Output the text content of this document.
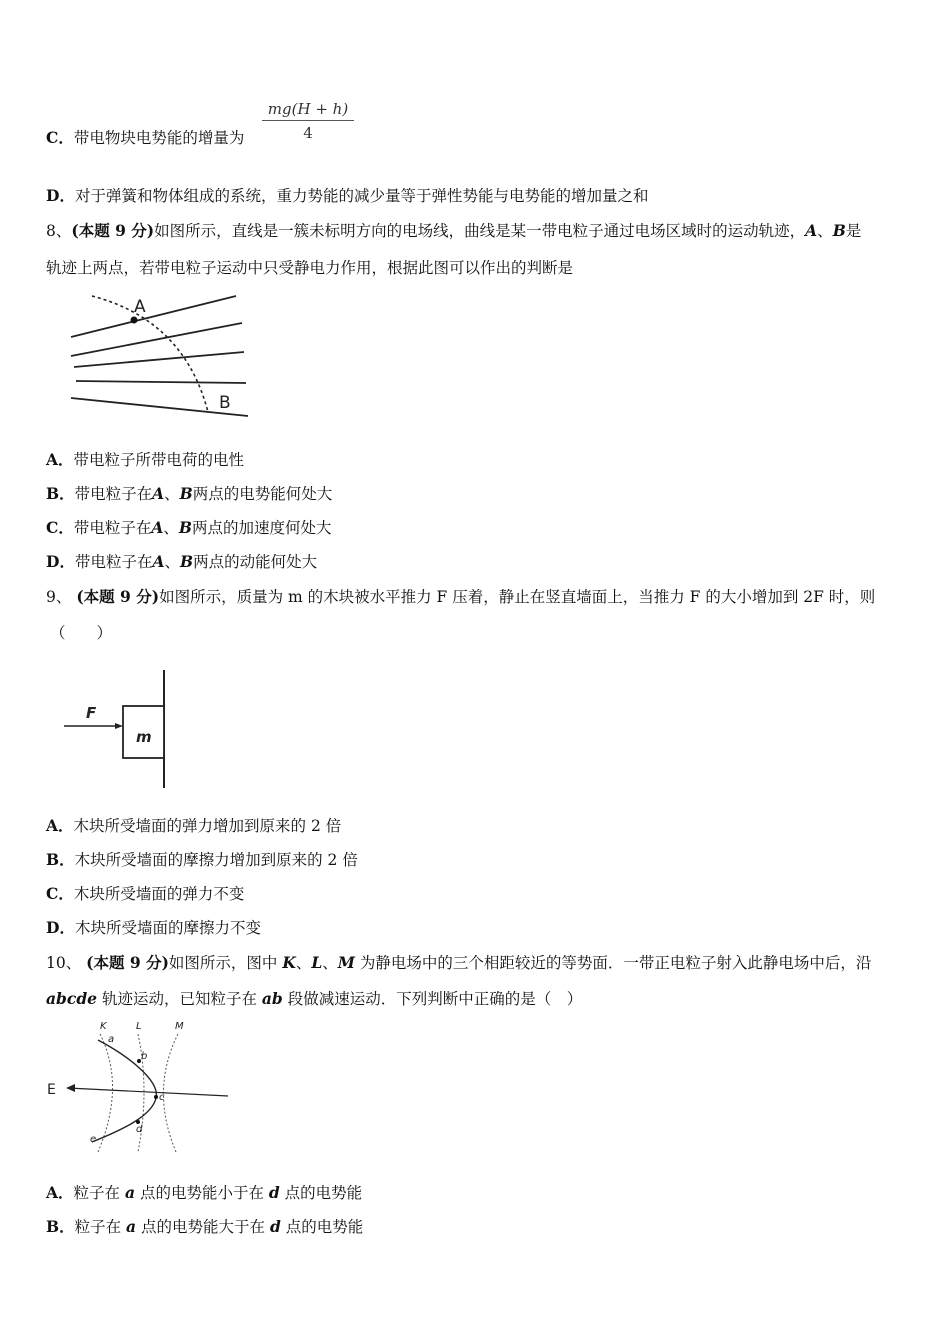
C．带电物块电势能的增量为 $\frac{mg(H + h)}{4}$
D．对于弹簧和物体组成的系统，重力势能的减少量等于弹性势能与电势能的增加量之和
8、(本题 9 分)如图所示，直线是一簇未标明方向的电场线，曲线是某一带电粒子通过电场区域时的运动轨迹，A、B是
轨迹上两点，若带电粒子运动中只受静电力作用，根据此图可以作出的判断是
A
B
A．带电粒子所带电荷的电性
B．带电粒子在A、B两点的电势能何处大
C．带电粒子在A、B两点的加速度何处大
D．带电粒子在A、B两点的动能何处大
9、 (本题 9 分)如图所示，质量为 m 的木块被水平推力 F 压着，静止在竖直墙面上，当推力 F 的大小增加到 2F 时，则
（　　）
F
m
A．木块所受墙面的弹力增加到原来的 2 倍
B．木块所受墙面的摩擦力增加到原来的 2 倍
C．木块所受墙面的弹力不变
D．木块所受墙面的摩擦力不变
10、 (本题 9 分)如图所示，图中 K、L、M 为静电场中的三个相距较近的等势面．一带正电粒子射入此静电场中后，沿
abcde 轨迹运动，已知粒子在 ab 段做减速运动．下列判断中正确的是（　）
K	L	M
E
a
b
c
d
e
A．粒子在 a 点的电势能小于在 d 点的电势能
B．粒子在 a 点的电势能大于在 d 点的电势能
